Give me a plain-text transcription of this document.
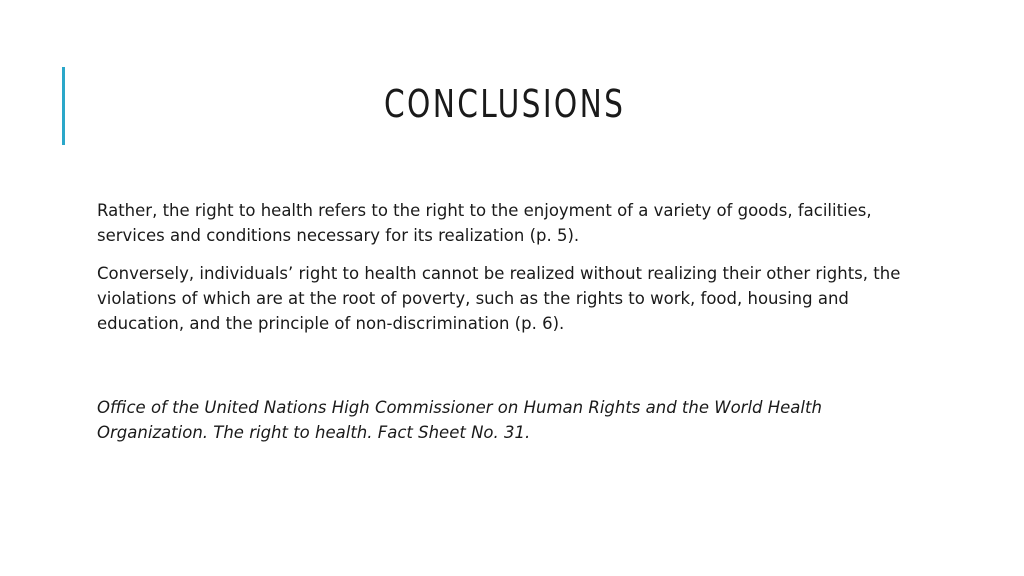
CONCLUSIONS

Rather, the right to health refers to the right to the enjoyment of a variety of goods, facilities, services and conditions necessary for its realization (p. 5).

Conversely, individuals’ right to health cannot be realized without realizing their other rights, the violations of which are at the root of poverty, such as the rights to work, food, housing and education, and the principle of non-discrimination (p. 6).

Office of the United Nations High Commissioner on Human Rights and the World Health Organization. The right to health. Fact Sheet No. 31.
